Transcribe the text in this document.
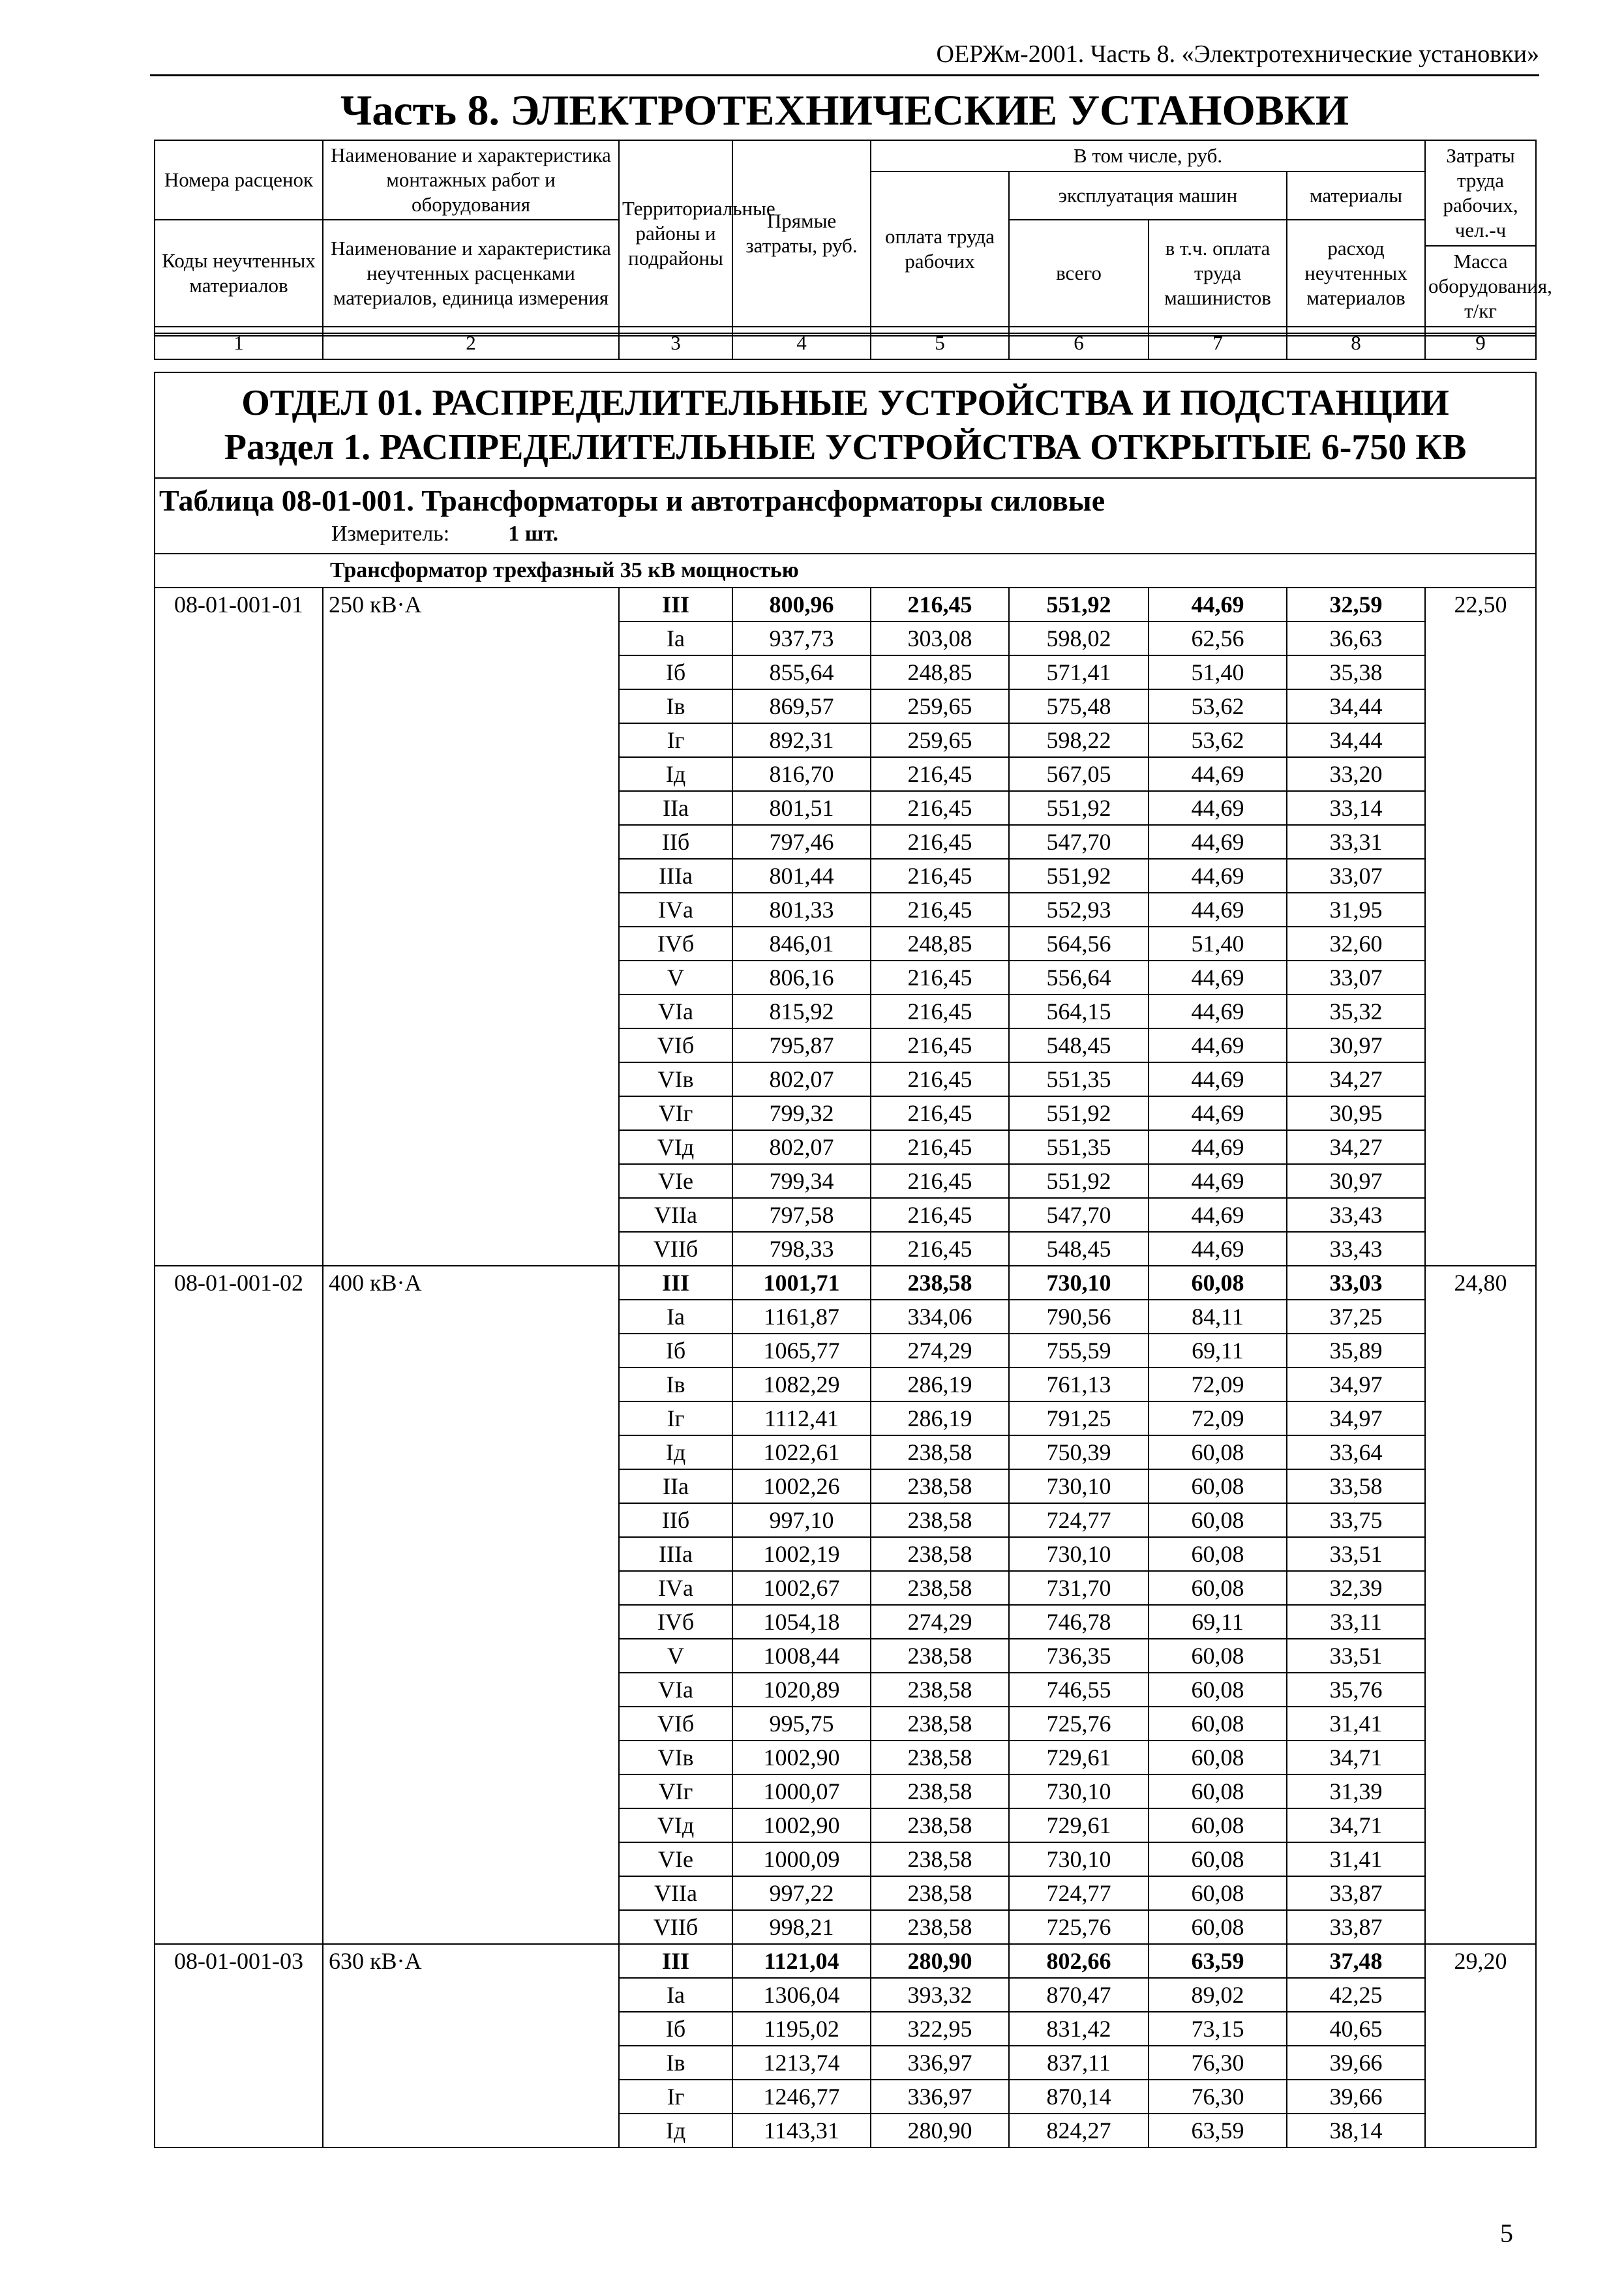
ОЕРЖм-2001. Часть 8. «Электротехнические установки»
Часть 8. ЭЛЕКТРОТЕХНИЧЕСКИЕ УСТАНОВКИ
Номера расценок	Наименование и характеристика монтажных работ и оборудования	Территориальные районы и подрайоны	Прямые затраты, руб.	В том числе, руб.				Затраты труда рабочих, чел.-ч
				оплата труда рабочих	эксплуатация машин		материалы	
Коды неучтенных материалов	Наименование и характеристика неучтенных расценками материалов, единица измерения				всего	в т.ч. оплата труда машинистов	расход неучтенных материалов	
								Масса оборудования, т/кг
1	2	3	4	5	6	7	8	9
ОТДЕЛ 01. РАСПРЕДЕЛИТЕЛЬНЫЕ УСТРОЙСТВА И ПОДСТАНЦИИ
Раздел 1. РАСПРЕДЕЛИТЕЛЬНЫЕ УСТРОЙСТВА ОТКРЫТЫЕ 6-750 КВ								

Таблица 08-01-001. Трансформаторы и автотрансформаторы силовые
Измеритель: 1 шт.								

Трансформатор трехфазный 35 кВ мощностью								
08-01-001-01	250 кВ·А	III	800,96	216,45	551,92	44,69	32,59	22,50
		Iа	937,73	303,08	598,02	62,56	36,63	
		Iб	855,64	248,85	571,41	51,40	35,38	
		Iв	869,57	259,65	575,48	53,62	34,44	
		Iг	892,31	259,65	598,22	53,62	34,44	
		Iд	816,70	216,45	567,05	44,69	33,20	
		IIа	801,51	216,45	551,92	44,69	33,14	
		IIб	797,46	216,45	547,70	44,69	33,31	
		IIIа	801,44	216,45	551,92	44,69	33,07	
		IVа	801,33	216,45	552,93	44,69	31,95	
		IVб	846,01	248,85	564,56	51,40	32,60	
		V	806,16	216,45	556,64	44,69	33,07	
		VIа	815,92	216,45	564,15	44,69	35,32	
		VIб	795,87	216,45	548,45	44,69	30,97	
		VIв	802,07	216,45	551,35	44,69	34,27	
		VIг	799,32	216,45	551,92	44,69	30,95	
		VIд	802,07	216,45	551,35	44,69	34,27	
		VIе	799,34	216,45	551,92	44,69	30,97	
		VIIа	797,58	216,45	547,70	44,69	33,43	
		VIIб	798,33	216,45	548,45	44,69	33,43	
08-01-001-02	400 кВ·А	III	1001,71	238,58	730,10	60,08	33,03	24,80
		Iа	1161,87	334,06	790,56	84,11	37,25	
		Iб	1065,77	274,29	755,59	69,11	35,89	
		Iв	1082,29	286,19	761,13	72,09	34,97	
		Iг	1112,41	286,19	791,25	72,09	34,97	
		Iд	1022,61	238,58	750,39	60,08	33,64	
		IIа	1002,26	238,58	730,10	60,08	33,58	
		IIб	997,10	238,58	724,77	60,08	33,75	
		IIIа	1002,19	238,58	730,10	60,08	33,51	
		IVа	1002,67	238,58	731,70	60,08	32,39	
		IVб	1054,18	274,29	746,78	69,11	33,11	
		V	1008,44	238,58	736,35	60,08	33,51	
		VIа	1020,89	238,58	746,55	60,08	35,76	
		VIб	995,75	238,58	725,76	60,08	31,41	
		VIв	1002,90	238,58	729,61	60,08	34,71	
		VIг	1000,07	238,58	730,10	60,08	31,39	
		VIд	1002,90	238,58	729,61	60,08	34,71	
		VIе	1000,09	238,58	730,10	60,08	31,41	
		VIIа	997,22	238,58	724,77	60,08	33,87	
		VIIб	998,21	238,58	725,76	60,08	33,87	
08-01-001-03	630 кВ·А	III	1121,04	280,90	802,66	63,59	37,48	29,20
		Iа	1306,04	393,32	870,47	89,02	42,25	
		Iб	1195,02	322,95	831,42	73,15	40,65	
		Iв	1213,74	336,97	837,11	76,30	39,66	
		Iг	1246,77	336,97	870,14	76,30	39,66	
		Iд	1143,31	280,90	824,27	63,59	38,14	
5
